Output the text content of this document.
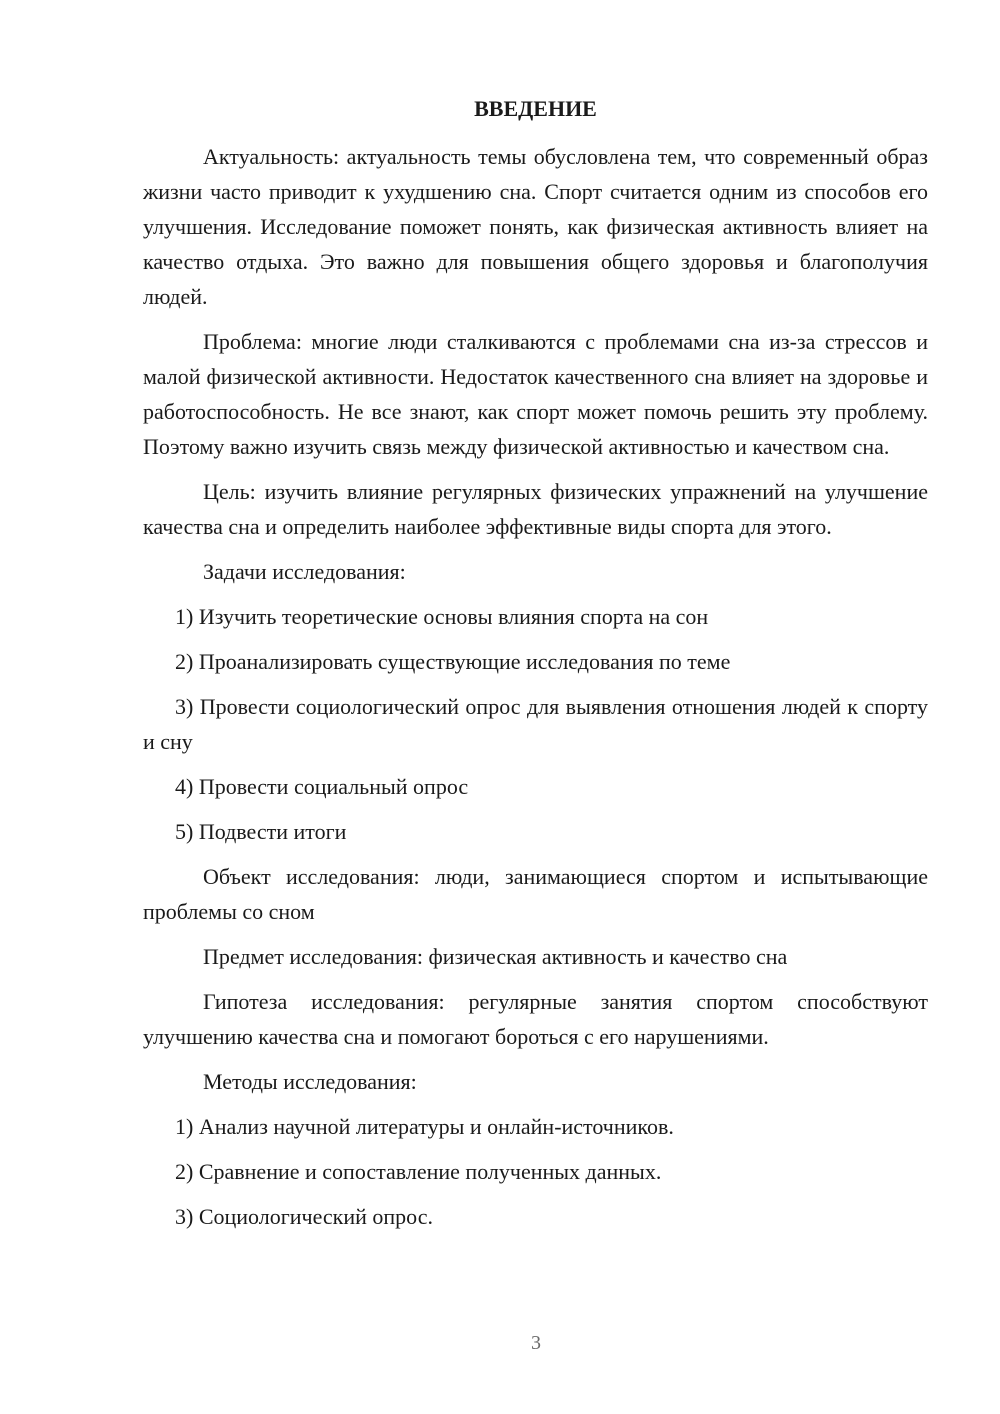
ВВЕДЕНИЕ

Актуальность: актуальность темы обусловлена тем, что современный образ жизни часто приводит к ухудшению сна. Спорт считается одним из способов его улучшения. Исследование поможет понять, как физическая активность влияет на качество отдыха. Это важно для повышения общего здоровья и благополучия людей.

Проблема: многие люди сталкиваются с проблемами сна из-за стрессов и малой физической активности. Недостаток качественного сна влияет на здоровье и работоспособность. Не все знают, как спорт может помочь решить эту проблему. Поэтому важно изучить связь между физической активностью и качеством сна.

Цель: изучить влияние регулярных физических упражнений на улучшение качества сна и определить наиболее эффективные виды спорта для этого.

Задачи исследования:

1) Изучить теоретические основы влияния спорта на сон

2) Проанализировать существующие исследования по теме

3) Провести социологический опрос для выявления отношения людей к спорту и сну

4) Провести социальный опрос

5) Подвести итоги

Объект исследования: люди, занимающиеся спортом и испытывающие проблемы со сном

Предмет исследования: физическая активность и качество сна

Гипотеза исследования: регулярные занятия спортом способствуют улучшению качества сна и помогают бороться с его нарушениями.

Методы исследования:

1) Анализ научной литературы и онлайн-источников.

2) Сравнение и сопоставление полученных данных.

3) Социологический опрос.

3
